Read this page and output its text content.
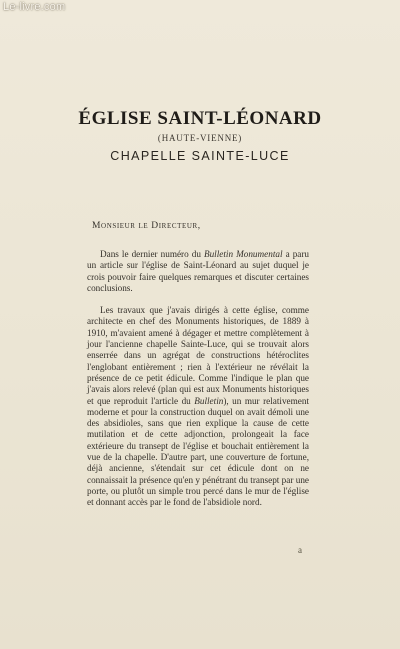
Le-livre.com
ÉGLISE SAINT-LÉONARD
(HAUTE-VIENNE)
CHAPELLE SAINTE-LUCE
Monsieur le Directeur,

Dans le dernier numéro du Bulletin Monumental a paru un article sur l'église de Saint-Léonard au sujet duquel je crois pouvoir faire quelques remarques et discuter certaines conclusions.

Les travaux que j'avais dirigés à cette église, comme architecte en chef des Monuments historiques, de 1889 à 1910, m'avaient amené à dégager et mettre complètement à jour l'ancienne chapelle Sainte-Luce, qui se trouvait alors enserrée dans un agrégat de constructions hétéroclites l'englobant entièrement ; rien à l'extérieur ne révélait la présence de ce petit édicule. Comme l'indique le plan que j'avais alors relevé (plan qui est aux Monuments historiques et que reproduit l'article du Bulletin), un mur relativement moderne et pour la construction duquel on avait démoli une des absidioles, sans que rien explique la cause de cette mutilation et de cette adjonction, prolongeait la face extérieure du transept de l'église et bouchait entièrement la vue de la chapelle. D'autre part, une couverture de fortune, déjà ancienne, s'étendait sur cet édicule dont on ne connaissait la présence qu'en y pénétrant du transept par une porte, ou plutôt un simple trou percé dans le mur de l'église et donnant accès par le fond de l'absidiole nord.

a
